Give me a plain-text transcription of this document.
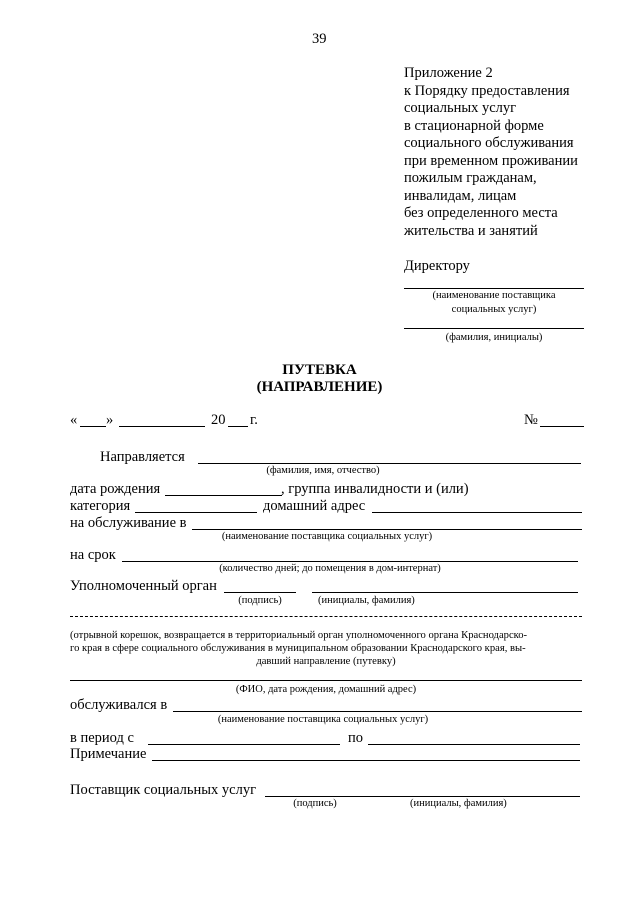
39
Приложение 2
к Порядку предоставления
социальных услуг
в стационарной форме
социального обслуживания
при временном проживании
пожилым гражданам,
инвалидам, лицам
без определенного места
жительства и занятий
Директору
(наименование поставщика
социальных услуг)
(фамилия, инициалы)
ПУТЕВКА
(НАПРАВЛЕНИЕ)
« »	20 г.	№
Направляется
(фамилия, имя, отчество)
дата рождения	, группа инвалидности и (или)
категория	домашний адрес
на обслуживание в
(наименование поставщика социальных услуг)
на срок
(количество дней; до помещения в дом-интернат)
Уполномоченный орган
(подпись)	(инициалы, фамилия)
(отрывной корешок, возвращается в территориальный орган уполномоченного органа Краснодарско-
го края в сфере социального обслуживания в муниципальном образовании Краснодарского края, вы-
давший направление (путевку)
(ФИО, дата рождения, домашний адрес)
обслуживался в
(наименование поставщика социальных услуг)
в период с	по
Примечание
Поставщик социальных услуг
(подпись)	(инициалы, фамилия)
